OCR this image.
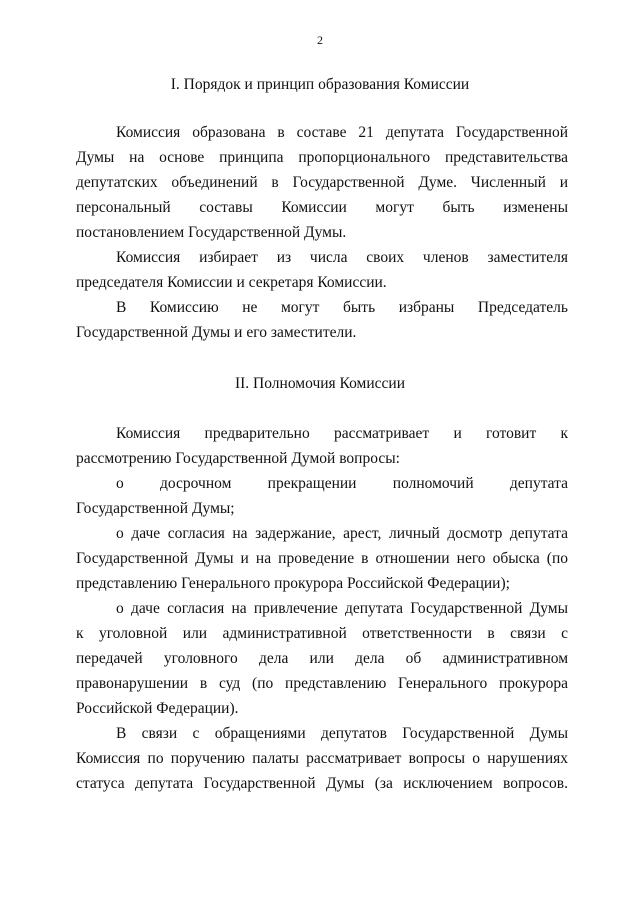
2
I. Порядок и принцип образования Комиссии
Комиссия образована в составе 21 депутата Государственной
Думы на основе принципа пропорционального представительства
депутатских объединений в Государственной Думе. Численный и
персональный составы Комиссии могут быть изменены
постановлением Государственной Думы.
Комиссия избирает из числа своих членов заместителя
председателя Комиссии и секретаря Комиссии.
В Комиссию не могут быть избраны Председатель
Государственной Думы и его заместители.
II. Полномочия Комиссии
Комиссия предварительно рассматривает и готовит к
рассмотрению Государственной Думой вопросы:
о досрочном прекращении полномочий депутата
Государственной Думы;
о даче согласия на задержание, арест, личный досмотр депутата
Государственной Думы и на проведение в отношении него обыска (по
представлению Генерального прокурора Российской Федерации);
о даче согласия на привлечение депутата Государственной Думы
к уголовной или административной ответственности в связи с
передачей уголовного дела или дела об административном
правонарушении в суд (по представлению Генерального прокурора
Российской Федерации).
В связи с обращениями депутатов Государственной Думы
Комиссия по поручению палаты рассматривает вопросы о нарушениях
статуса депутата Государственной Думы (за исключением вопросов.
